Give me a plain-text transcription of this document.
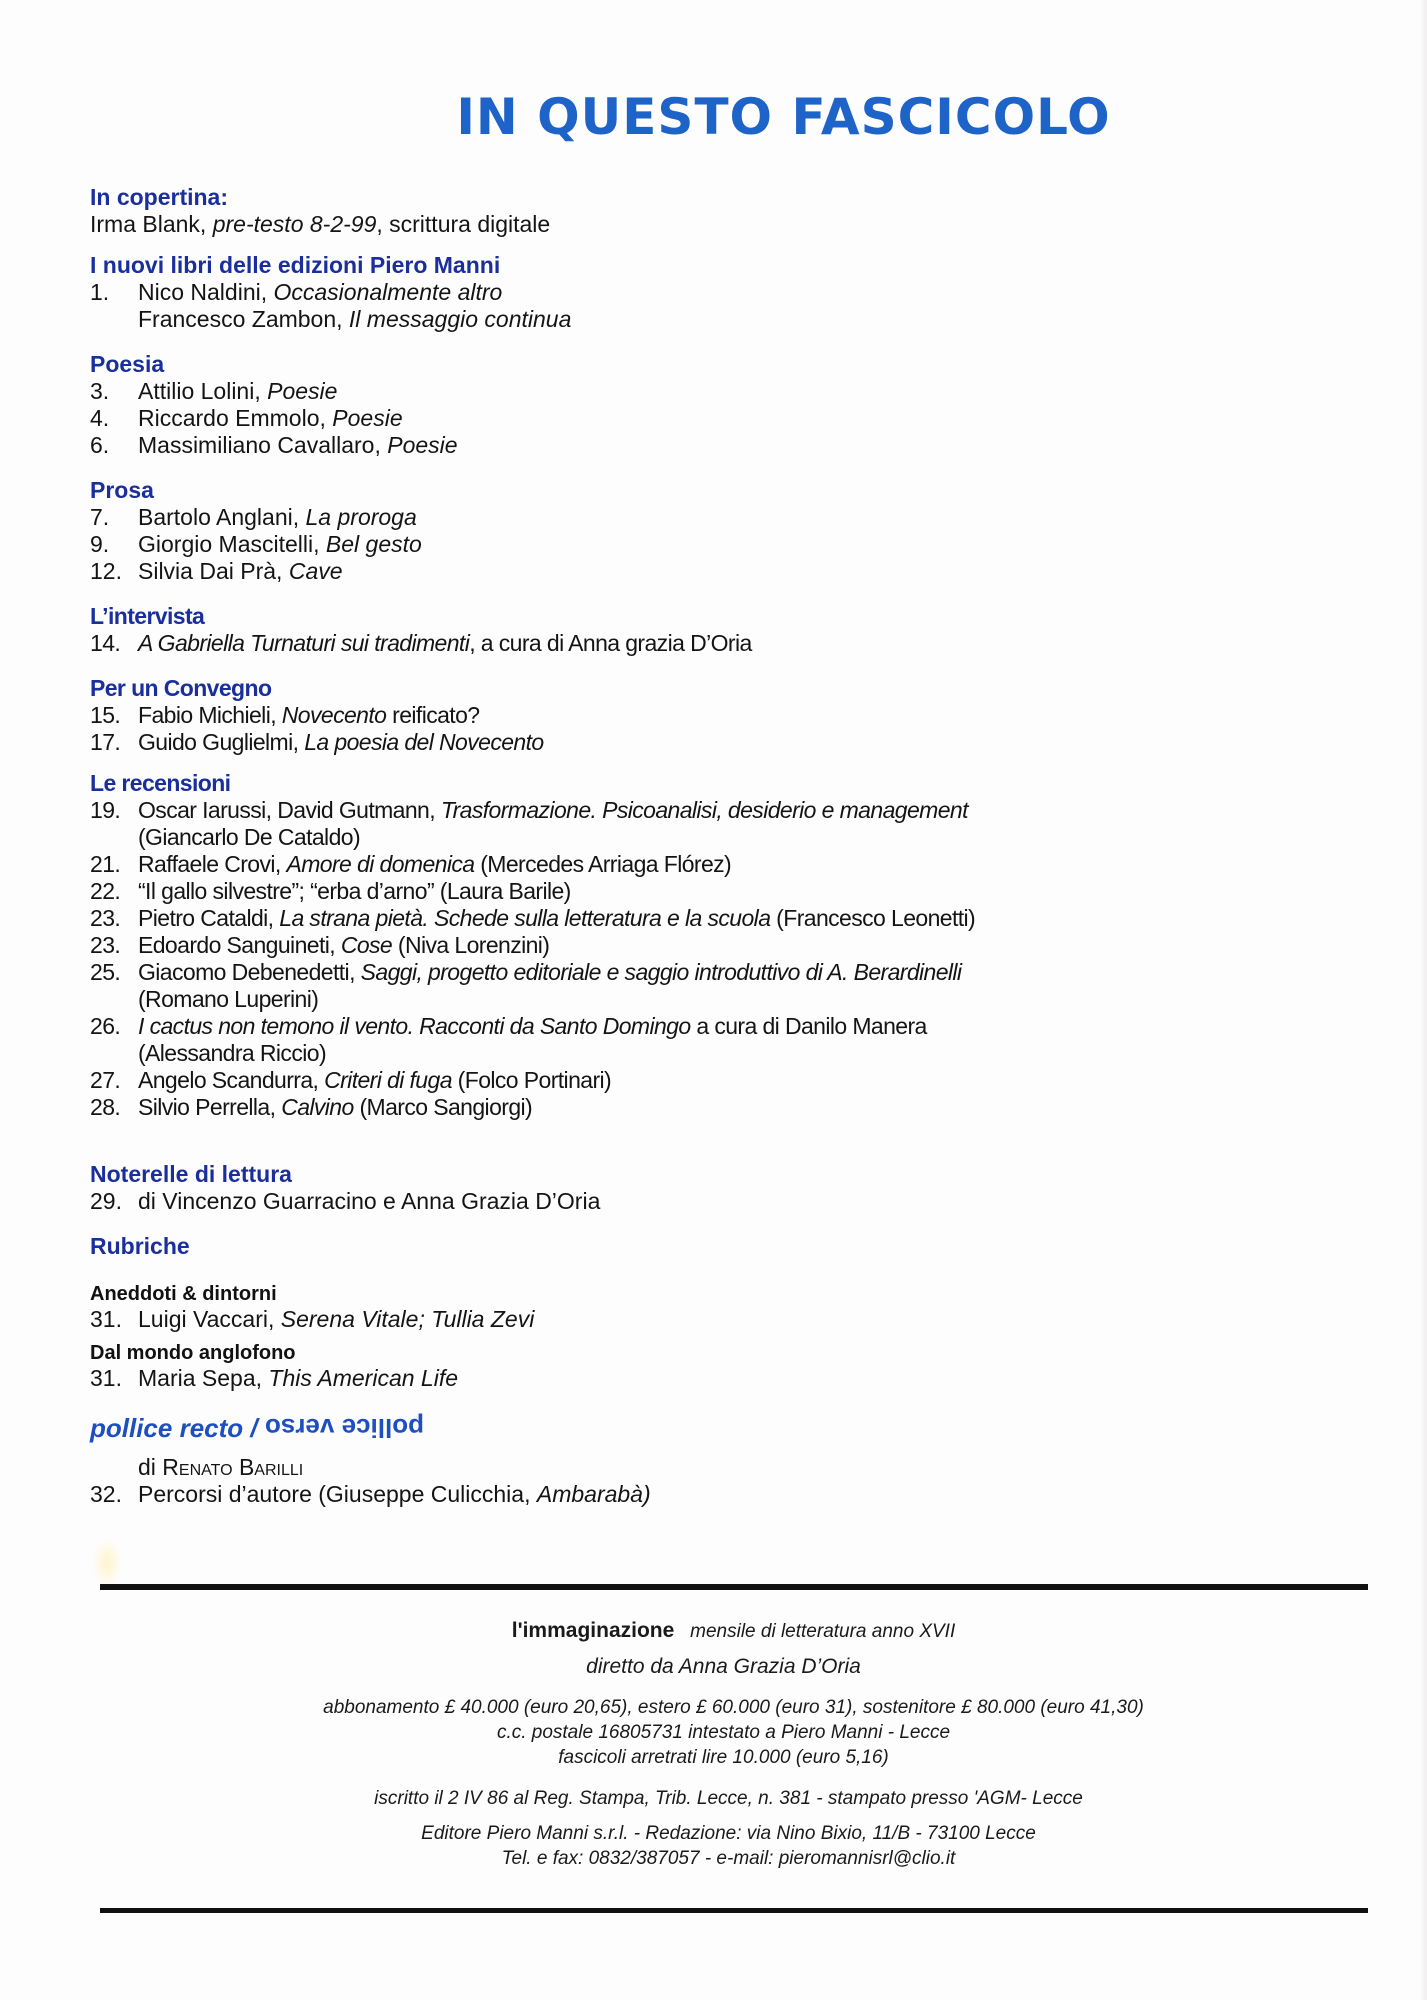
IN QUESTO FASCICOLO
In copertina:
Irma Blank, pre-testo 8-2-99, scrittura digitale
I nuovi libri delle edizioni Piero Manni
1.	Nico Naldini, Occasionalmente altro
Francesco Zambon, Il messaggio continua
Poesia
3.	Attilio Lolini, Poesie
4.	Riccardo Emmolo, Poesie
6.	Massimiliano Cavallaro, Poesie
Prosa
7.	Bartolo Anglani, La proroga
9.	Giorgio Mascitelli, Bel gesto
12. Silvia Dai Prà, Cave
L’intervista
14. A Gabriella Turnaturi sui tradimenti, a cura di Anna grazia D’Oria
Per un Convegno
15. Fabio Michieli, Novecento reificato?
17. Guido Guglielmi, La poesia del Novecento
Le recensioni
19. Oscar Iarussi, David Gutmann, Trasformazione. Psicoanalisi, desiderio e management
(Giancarlo De Cataldo)
21. Raffaele Crovi, Amore di domenica (Mercedes Arriaga Flórez)
22. “Il gallo silvestre”; “erba d’arno” (Laura Barile)
23. Pietro Cataldi, La strana pietà. Schede sulla letteratura e la scuola (Francesco Leonetti)
23. Edoardo Sanguineti, Cose (Niva Lorenzini)
25. Giacomo Debenedetti, Saggi, progetto editoriale e saggio introduttivo di A. Berardinelli
(Romano Luperini)
26. I cactus non temono il vento. Racconti da Santo Domingo a cura di Danilo Manera
(Alessandra Riccio)
27. Angelo Scandurra, Criteri di fuga (Folco Portinari)
28. Silvio Perrella, Calvino (Marco Sangiorgi)
Noterelle di lettura
29. di Vincenzo Guarracino e Anna Grazia D’Oria
Rubriche
Aneddoti & dintorni
31. Luigi Vaccari, Serena Vitale; Tullia Zevi
Dal mondo anglofono
31. Maria Sepa, This American Life
pollice recto / pollice verso
di Renato Barilli
32. Percorsi d’autore (Giuseppe Culicchia, Ambarabà)
l'immaginazione mensile di letteratura anno XVII
diretto da Anna Grazia D’Oria
abbonamento £ 40.000 (euro 20,65), estero £ 60.000 (euro 31), sostenitore £ 80.000 (euro 41,30)
c.c. postale 16805731 intestato a Piero Manni - Lecce
fascicoli arretrati lire 10.000 (euro 5,16)
iscritto il 2 IV 86 al Reg. Stampa, Trib. Lecce, n. 381 - stampato presso 'AGM- Lecce
Editore Piero Manni s.r.l. - Redazione: via Nino Bixio, 11/B - 73100 Lecce
Tel. e fax: 0832/387057 - e-mail: pieromannisrl@clio.it
